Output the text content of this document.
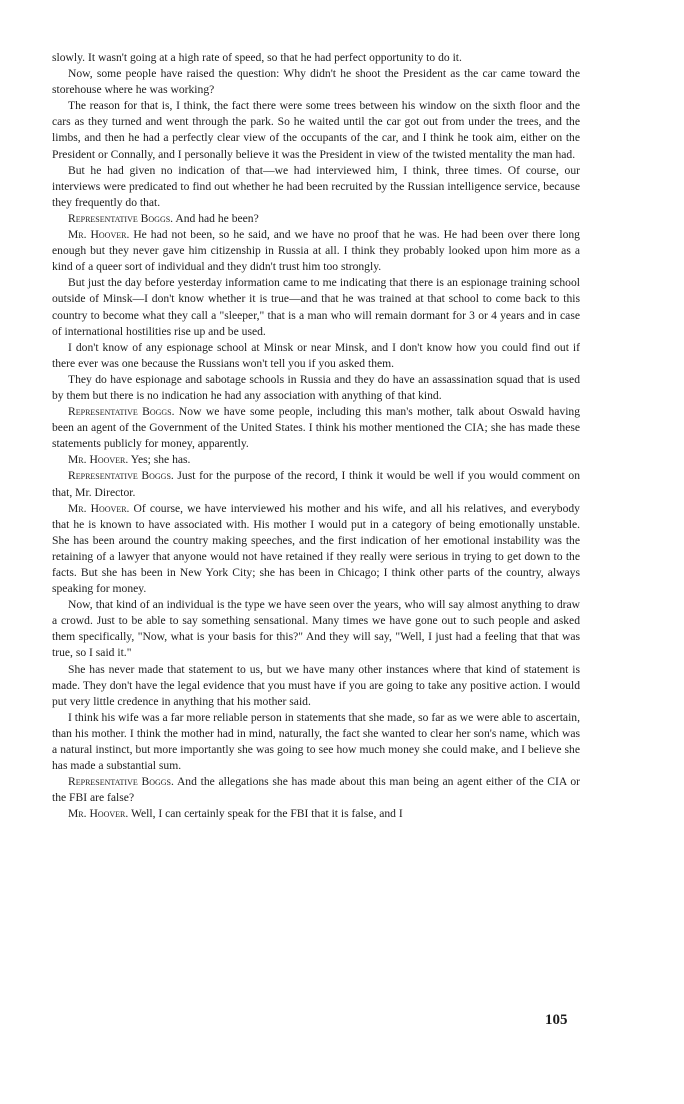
slowly. It wasn't going at a high rate of speed, so that he had perfect opportunity to do it.

Now, some people have raised the question: Why didn't he shoot the President as the car came toward the storehouse where he was working?

The reason for that is, I think, the fact there were some trees between his window on the sixth floor and the cars as they turned and went through the park. So he waited until the car got out from under the trees, and the limbs, and then he had a perfectly clear view of the occupants of the car, and I think he took aim, either on the President or Connally, and I personally believe it was the President in view of the twisted mentality the man had.

But he had given no indication of that—we had interviewed him, I think, three times. Of course, our interviews were predicated to find out whether he had been recruited by the Russian intelligence service, because they frequently do that.

Representative Boggs. And had he been?

Mr. Hoover. He had not been, so he said, and we have no proof that he was. He had been over there long enough but they never gave him citizenship in Russia at all. I think they probably looked upon him more as a kind of a queer sort of individual and they didn't trust him too strongly.

But just the day before yesterday information came to me indicating that there is an espionage training school outside of Minsk—I don't know whether it is true—and that he was trained at that school to come back to this country to become what they call a "sleeper," that is a man who will remain dormant for 3 or 4 years and in case of international hostilities rise up and be used.

I don't know of any espionage school at Minsk or near Minsk, and I don't know how you could find out if there ever was one because the Russians won't tell you if you asked them.

They do have espionage and sabotage schools in Russia and they do have an assassination squad that is used by them but there is no indication he had any association with anything of that kind.

Representative Boggs. Now we have some people, including this man's mother, talk about Oswald having been an agent of the Government of the United States. I think his mother mentioned the CIA; she has made these statements publicly for money, apparently.

Mr. Hoover. Yes; she has.

Representative Boggs. Just for the purpose of the record, I think it would be well if you would comment on that, Mr. Director.

Mr. Hoover. Of course, we have interviewed his mother and his wife, and all his relatives, and everybody that he is known to have associated with. His mother I would put in a category of being emotionally unstable. She has been around the country making speeches, and the first indication of her emotional instability was the retaining of a lawyer that anyone would not have retained if they really were serious in trying to get down to the facts. But she has been in New York City; she has been in Chicago; I think other parts of the country, always speaking for money.

Now, that kind of an individual is the type we have seen over the years, who will say almost anything to draw a crowd. Just to be able to say something sensational. Many times we have gone out to such people and asked them specifically, "Now, what is your basis for this?" And they will say, "Well, I just had a feeling that that was true, so I said it."

She has never made that statement to us, but we have many other instances where that kind of statement is made. They don't have the legal evidence that you must have if you are going to take any positive action. I would put very little credence in anything that his mother said.

I think his wife was a far more reliable person in statements that she made, so far as we were able to ascertain, than his mother. I think the mother had in mind, naturally, the fact she wanted to clear her son's name, which was a natural instinct, but more importantly she was going to see how much money she could make, and I believe she has made a substantial sum.

Representative Boggs. And the allegations she has made about this man being an agent either of the CIA or the FBI are false?

Mr. Hoover. Well, I can certainly speak for the FBI that it is false, and I

105
